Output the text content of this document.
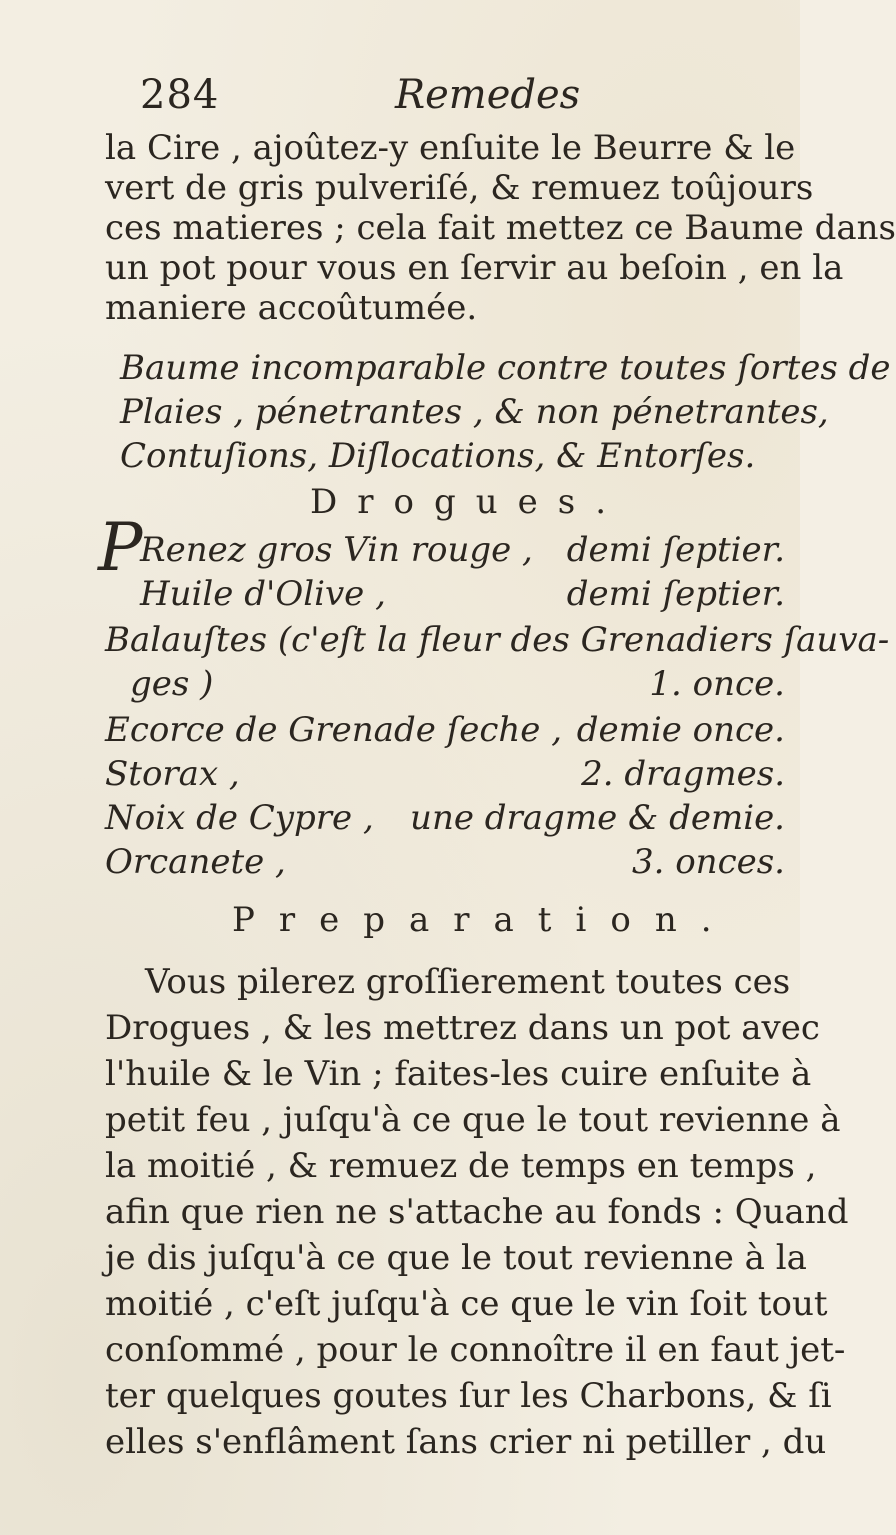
284	Remedes
la Cire , ajoûtez-y enſuite le Beurre & le
vert de gris pulveriſé, & remuez toûjours
ces matieres ; cela fait mettez ce Baume dans
un pot pour vous en ſervir au beſoin , en la
maniere accoûtumée.
Baume incomparable contre toutes ſortes de
Plaies , pénetrantes , & non pénetrantes,
Contuſions, Diſlocations, & Entorſes.
Drogues.
P
Renez gros Vin rouge , demi ſeptier.
Huile d'Olive ,	demi ſeptier.
Balauſtes (c'eſt la fleur des Grenadiers ſauva-
ges )	1. once.
Ecorce de Grenade ſeche , demie once.
Storax ,	2. dragmes.
Noix de Cypre , une dragme & demie.
Orcanete ,	3. onces.
Preparation.
Vous pilerez groſſierement toutes ces
Drogues , & les mettrez dans un pot avec
l'huile & le Vin ; faites-les cuire enſuite à
petit feu , juſqu'à ce que le tout revienne à
la moitié , & remuez de temps en temps ,
afin que rien ne s'attache au fonds : Quand
je dis juſqu'à ce que le tout revienne à la
moitié , c'eſt juſqu'à ce que le vin ſoit tout
conſommé , pour le connoître il en faut jet-
ter quelques goutes ſur les Charbons, & ſi
elles s'enflâment ſans crier ni petiller , du
